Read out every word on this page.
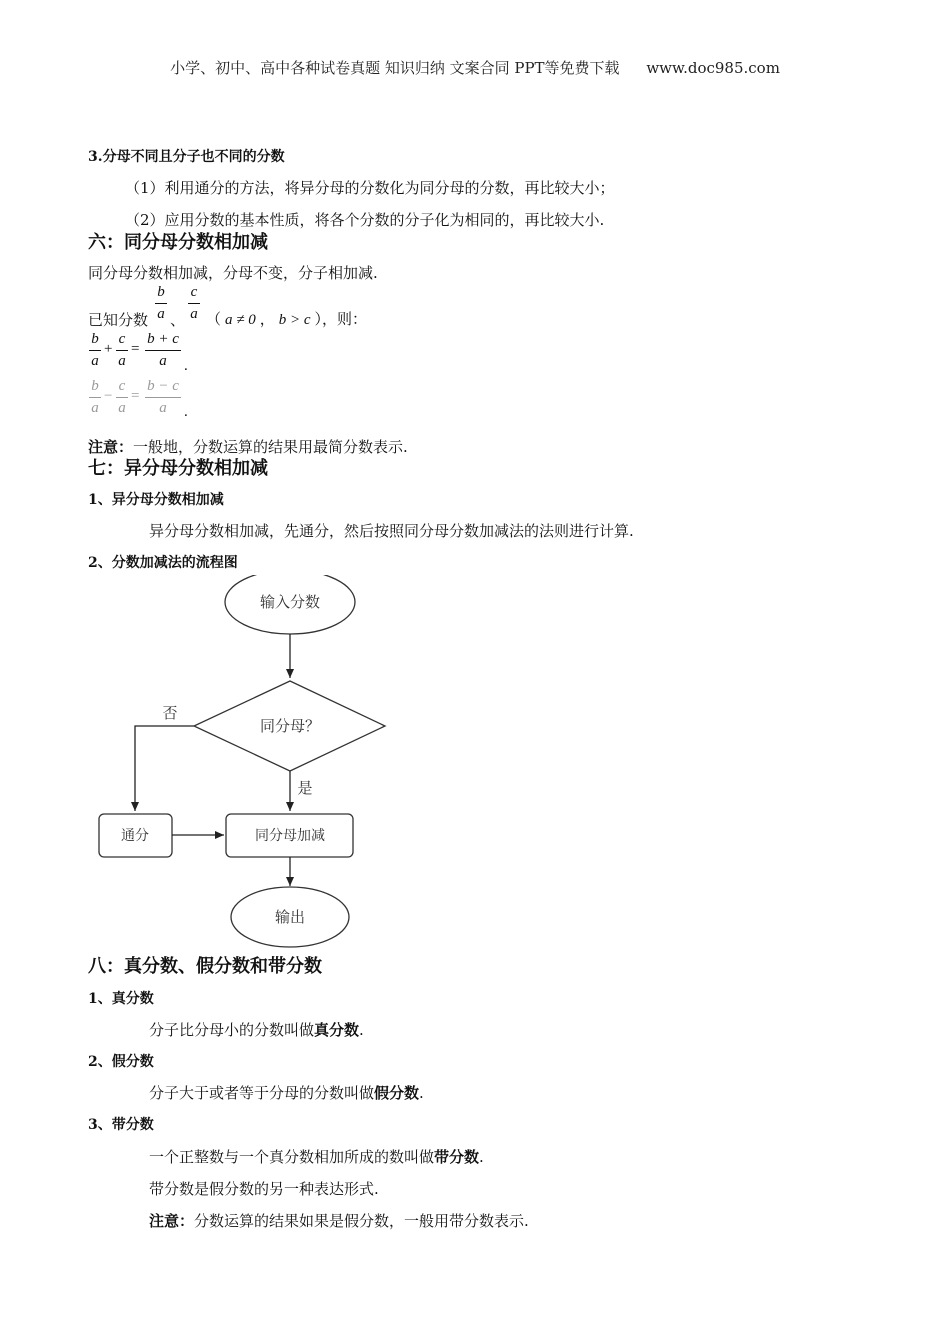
小学、初中、高中各种试卷真题 知识归纳 文案合同 PPT等免费下载 www.doc985.com
3.分母不同且分子也不同的分数
（1）利用通分的方法，将异分母的分数化为同分母的分数，再比较大小；
（2）应用分数的基本性质，将各个分数的分子化为相同的，再比较大小.
六：同分母分数相加减
同分母分数相加减，分母不变，分子相加减.
已知分数
b
a 、
c
a （ a ≠ 0 ， b > c ），则：
b
a
+
c
a
=
b + c
a	.
b
a
−
c
a
=
b − c
a	.
注意：一般地，分数运算的结果用最简分数表示.
七：异分母分数相加减
1、异分母分数相加减
异分母分数相加减，先通分，然后按照同分母分数加减法的法则进行计算.
2、分数加减法的流程图
输入分数
同分母？
否
是
通分	同分母加减
输出
八：真分数、假分数和带分数
1、真分数
分子比分母小的分数叫做真分数.
2、假分数
分子大于或者等于分母的分数叫做假分数.
3、带分数
一个正整数与一个真分数相加所成的数叫做带分数.
带分数是假分数的另一种表达形式.
注意：分数运算的结果如果是假分数，一般用带分数表示.
